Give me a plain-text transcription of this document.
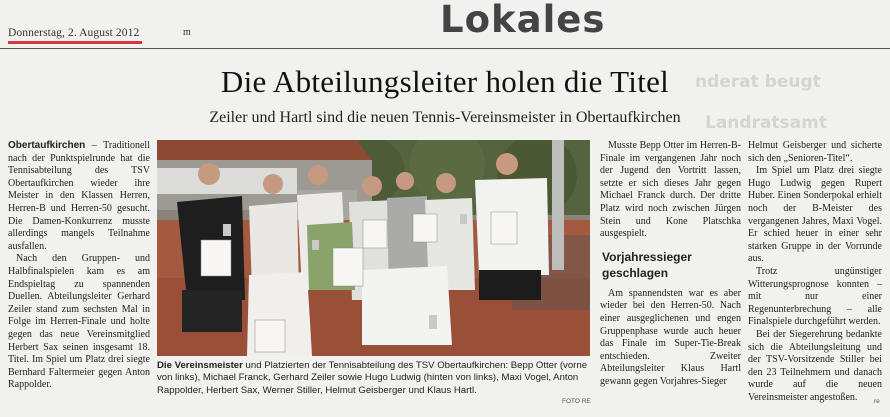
nderat beugt
Landratsamt
Donnerstag, 2. August 2012	m	Lokales
Die Abteilungsleiter holen die Titel
Zeiler und Hartl sind die neuen Tennis-Vereinsmeister in Obertaufkirchen

Obertaufkirchen – Traditionell nach der Punktspielrunde hat die Tennisabteilung des TSV Obertaufkirchen wieder ihre Meister in den Klassen Herren, Herren-B und Herren-50 gesucht. Die Damen-Konkurrenz musste allerdings mangels Teilnahme ausfallen.

Nach den Gruppen- und Halbfinalspielen kam es am Endspieltag zu spannenden Duellen. Abteilungsleiter Gerhard Zeiler stand zum sechsten Mal in Folge im Herren-Finale und holte gegen das neue Vereinsmitglied Herbert Sax seinen insgesamt 18. Titel. Im Spiel um Platz drei siegte Bernhard Faltermeier gegen Anton Rappolder.

Die Vereinsmeister und Platzierten der Tennisabteilung des TSV Obertaufkirchen: Bepp Otter (vorne von links), Michael Franck, Gerhard Zeiler sowie Hugo Ludwig (hinten von links), Maxi Vogel, Anton Rappolder, Herbert Sax, Werner Stiller, Helmut Geisberger und Klaus Hartl.
FOTO RE

Musste Bepp Otter im Herren-B-Finale im vergangenen Jahr noch der Jugend den Vortritt lassen, setzte er sich dieses Jahr gegen Michael Franck durch. Der dritte Platz wird noch zwischen Jürgen Stein und Kone Platschka ausgespielt.

Vorjahressieger geschlagen

Am spannendsten war es aber wieder bei den Herren-50. Nach einer ausgeglichenen und engen Gruppenphase wurde auch heuer das Finale im Super-Tie-Break entschieden. Zweiter Abteilungsleiter Klaus Hartl gewann gegen Vorjahres-Sieger

Helmut Geisberger und sicherte sich den „Senioren-Titel“.

Im Spiel um Platz drei siegte Hugo Ludwig gegen Rupert Huber. Einen Sonderpokal erhielt noch der B-Meister des vergangenen Jahres, Maxi Vogel. Er schied heuer in einer sehr starken Gruppe in der Vorrunde aus.

Trotz ungünstiger Witterungsprognose konnten – mit nur einer Regenunterbrechung – alle Finalspiele durchgeführt werden.

Bei der Siegerehrung bedankte sich die Abteilungsleitung und der TSV-Vorsitzende Stiller bei den 23 Teilnehmern und danach wurde auf die neuen Vereinsmeister angestoßen.	re
